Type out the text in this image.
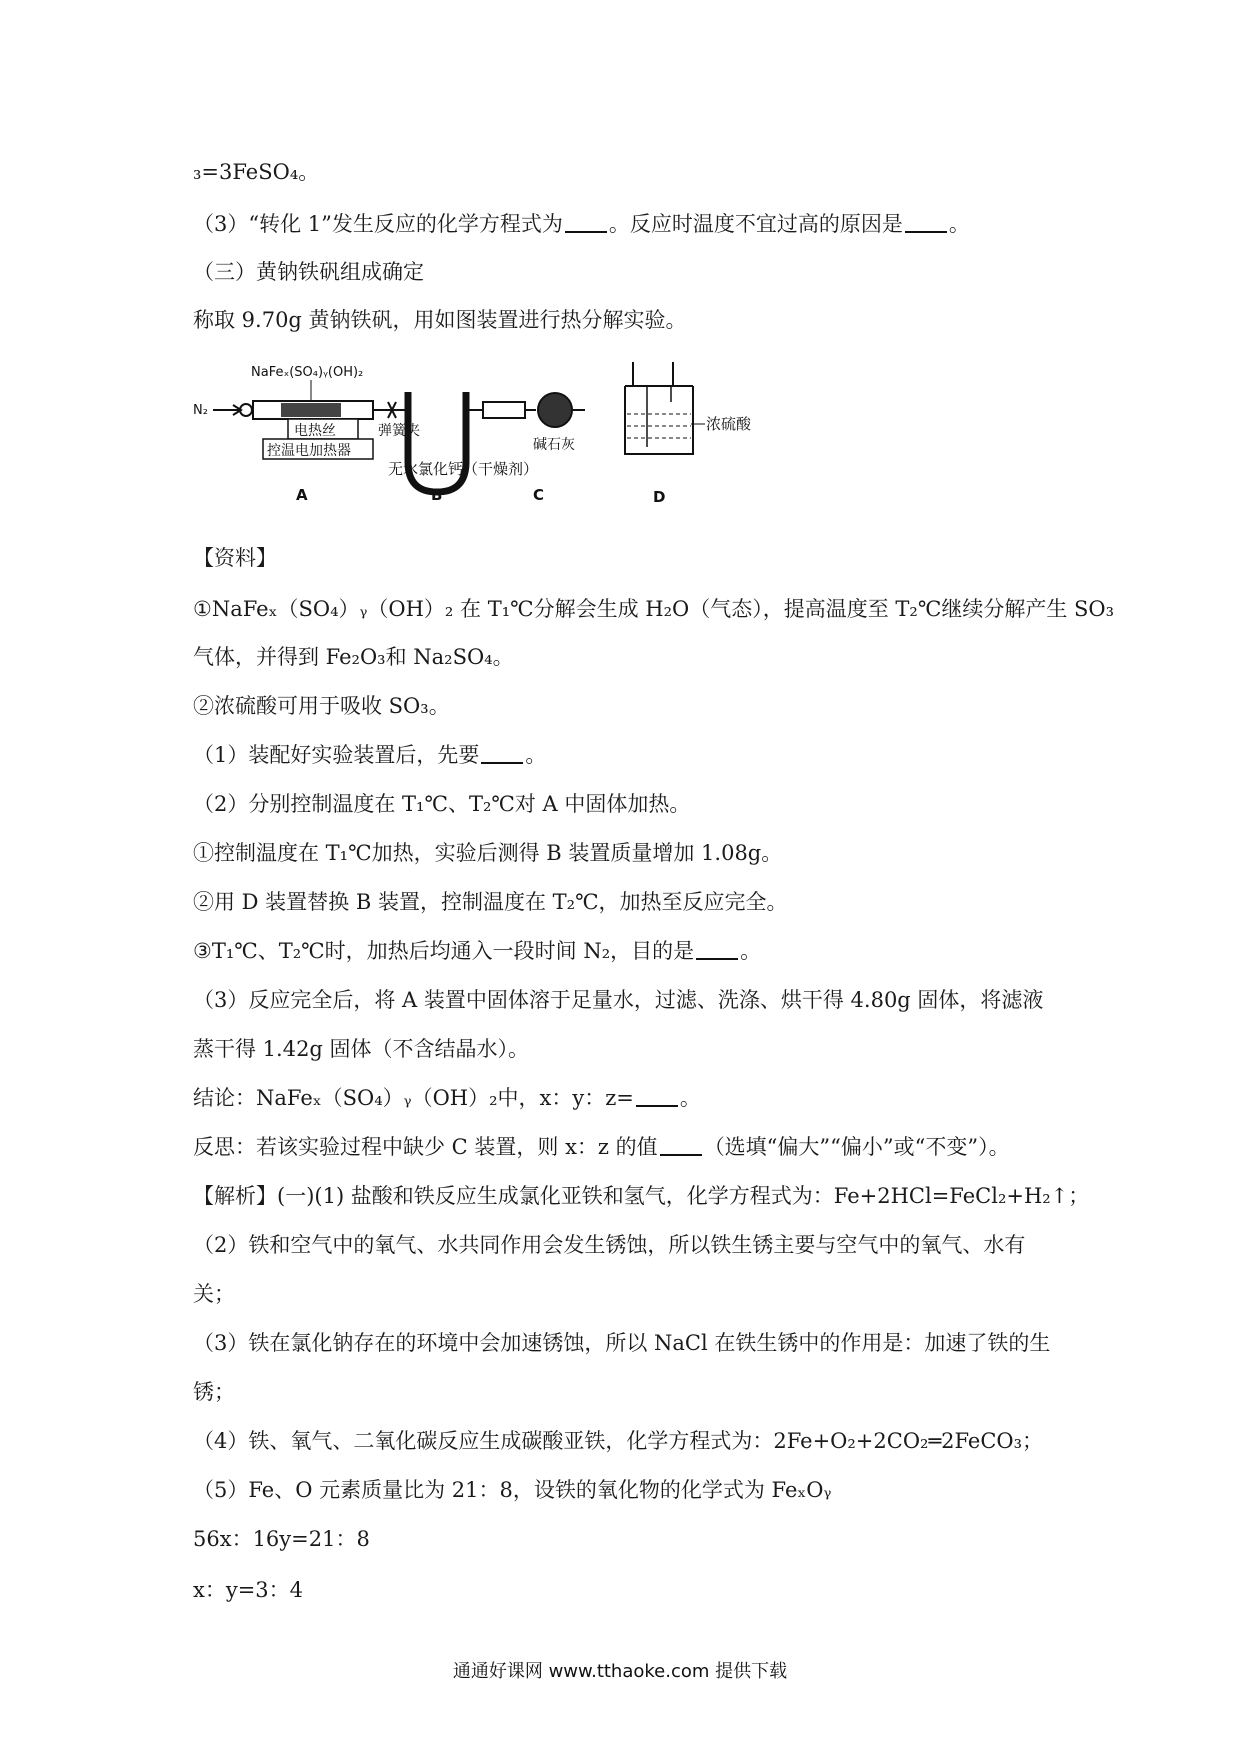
₃=3FeSO₄。
（3）“转化 1”发生反应的化学方程式为 。反应时温度不宜过高的原因是 。
（三）黄钠铁矾组成确定
称取 9.70g 黄钠铁矾，用如图装置进行热分解实验。
N₂
NaFeₓ(SO₄)ᵧ(OH)₂
电热丝
控温电加热器
弹簧夹
碱石灰
无水氯化钙（干燥剂）
浓硫酸
A	B	C	D
【资料】
①NaFeₓ（SO₄）ᵧ（OH）₂ 在 T₁℃分解会生成 H₂O（气态），提高温度至 T₂℃继续分解产生 SO₃
气体，并得到 Fe₂O₃和 Na₂SO₄。
②浓硫酸可用于吸收 SO₃。
（1）装配好实验装置后，先要 。
（2）分别控制温度在 T₁℃、T₂℃对 A 中固体加热。
①控制温度在 T₁℃加热，实验后测得 B 装置质量增加 1.08g。
②用 D 装置替换 B 装置，控制温度在 T₂℃，加热至反应完全。
③T₁℃、T₂℃时，加热后均通入一段时间 N₂，目的是 。
（3）反应完全后，将 A 装置中固体溶于足量水，过滤、洗涤、烘干得 4.80g 固体，将滤液
蒸干得 1.42g 固体（不含结晶水）。
结论：NaFeₓ（SO₄）ᵧ（OH）₂中，x：y：z= 。
反思：若该实验过程中缺少 C 装置，则 x：z 的值 （选填“偏大”“偏小”或“不变”）。
【解析】(一)(1) 盐酸和铁反应生成氯化亚铁和氢气，化学方程式为：Fe+2HCl=FeCl₂+H₂↑；
（2）铁和空气中的氧气、水共同作用会发生锈蚀，所以铁生锈主要与空气中的氧气、水有
关；
（3）铁在氯化钠存在的环境中会加速锈蚀，所以 NaCl 在铁生锈中的作用是：加速了铁的生
锈；
（4）铁、氧气、二氧化碳反应生成碳酸亚铁，化学方程式为：2Fe+O₂+2CO₂═2FeCO₃；
（5）Fe、O 元素质量比为 21：8，设铁的氧化物的化学式为 FeₓOᵧ
56x：16y=21：8
x：y=3：4
通通好课网 www.tthaoke.com 提供下载
